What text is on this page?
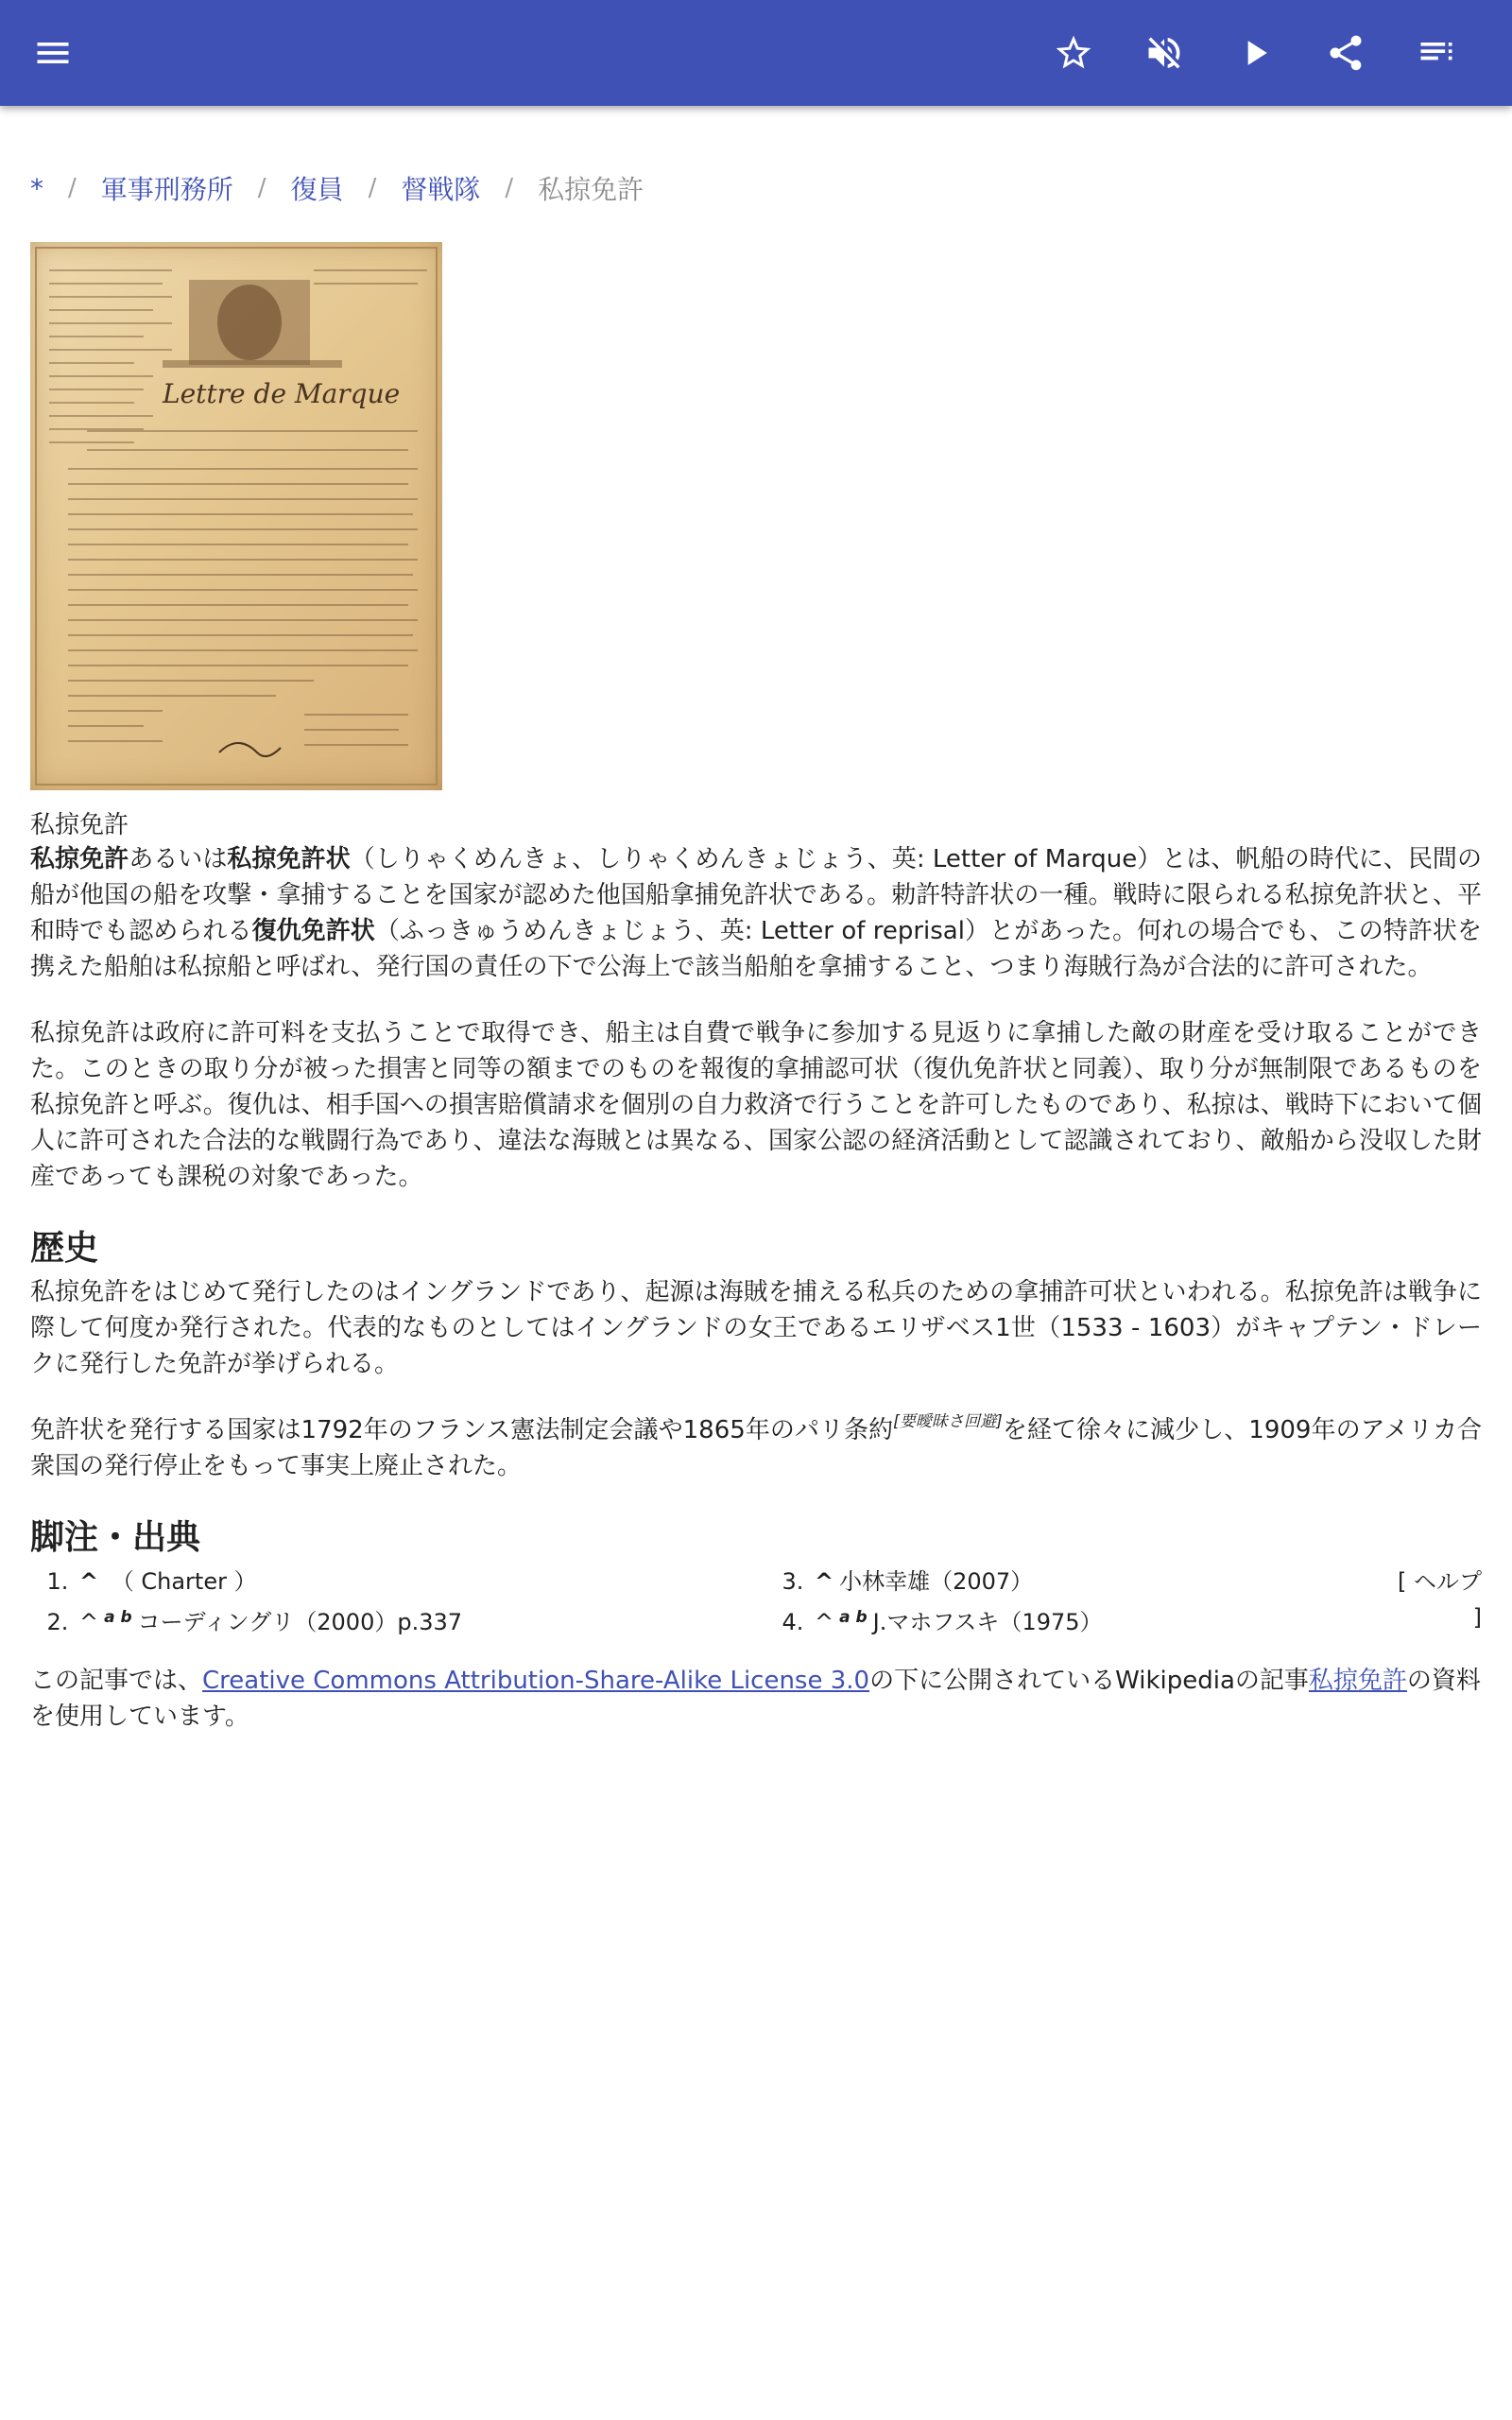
* / 軍事刑務所 / 復員 / 督戦隊 / 私掠免許
Lettre de Marque
私掠免許

私掠免許あるいは私掠免許状（しりゃくめんきょ、しりゃくめんきょじょう、英: Letter of Marque）とは、帆船の時代に、民間の船が他国の船を攻撃・拿捕することを国家が認めた他国船拿捕免許状である。勅許特許状の一種。戦時に限られる私掠免許状と、平和時でも認められる復仇免許状（ふっきゅうめんきょじょう、英: Letter of reprisal）とがあった。何れの場合でも、この特許状を携えた船舶は私掠船と呼ばれ、発行国の責任の下で公海上で該当船舶を拿捕すること、つまり海賊行為が合法的に許可された。

私掠免許は政府に許可料を支払うことで取得でき、船主は自費で戦争に参加する見返りに拿捕した敵の財産を受け取ることができた。このときの取り分が被った損害と同等の額までのものを報復的拿捕認可状（復仇免許状と同義）、取り分が無制限であるものを私掠免許と呼ぶ。復仇は、相手国への損害賠償請求を個別の自力救済で行うことを許可したものであり、私掠は、戦時下において個人に許可された合法的な戦闘行為であり、違法な海賊とは異なる、国家公認の経済活動として認識されており、敵船から没収した財産であっても課税の対象であった。

歴史

私掠免許をはじめて発行したのはイングランドであり、起源は海賊を捕える私兵のための拿捕許可状といわれる。私掠免許は戦争に際して何度か発行された。代表的なものとしてはイングランドの女王であるエリザベス1世（1533 - 1603）がキャプテン・ドレークに発行した免許が挙げられる。

免許状を発行する国家は1792年のフランス憲法制定会議や1865年のパリ条約[要曖昧さ回避]を経て徐々に減少し、1909年のアメリカ合衆国の発行停止をもって事実上廃止された。

脚注・出典
1. ^ （ Charter ）
2. ^ $^{a b}$ コーディングリ（2000）p.337
3. ^ 小林幸雄（2007）
4. ^ $^{a b}$ J.マホフスキ（1975）
[ ヘルプ ]
この記事では、Creative Commons Attribution-Share-Alike License 3.0の下に公開されているWikipediaの記事私掠免許の資料を使用しています。
